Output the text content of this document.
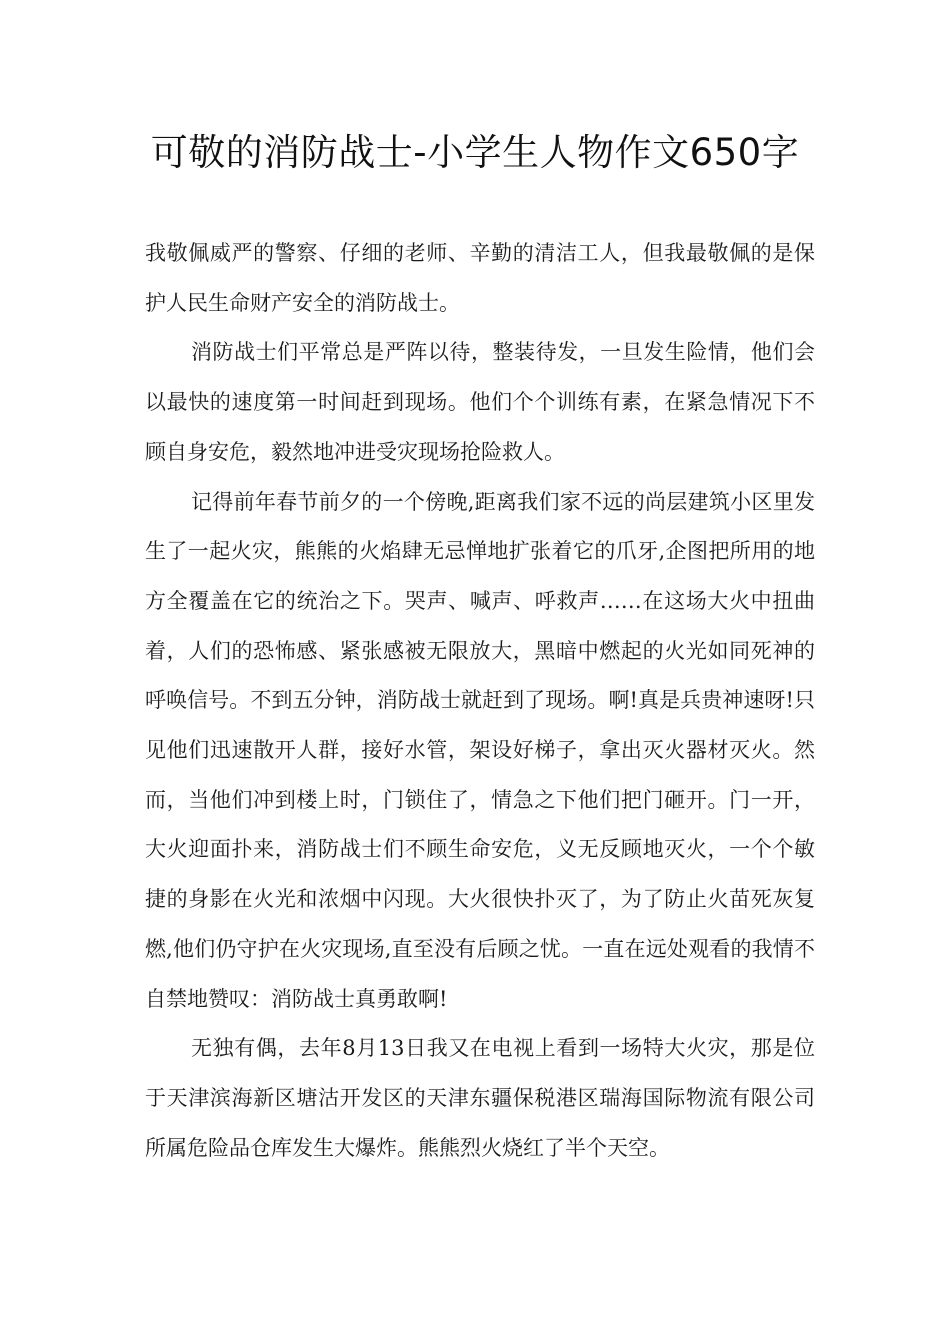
可敬的消防战士-小学生人物作文650字

我敬佩威严的警察、仔细的老师、辛勤的清洁工人，但我最敬佩的是保护人民生命财产安全的消防战士。

消防战士们平常总是严阵以待，整装待发，一旦发生险情，他们会以最快的速度第一时间赶到现场。他们个个训练有素，在紧急情况下不顾自身安危，毅然地冲进受灾现场抢险救人。

记得前年春节前夕的一个傍晚,距离我们家不远的尚层建筑小区里发生了一起火灾，熊熊的火焰肆无忌惮地扩张着它的爪牙,企图把所用的地方全覆盖在它的统治之下。哭声、喊声、呼救声……在这场大火中扭曲着，人们的恐怖感、紧张感被无限放大，黑暗中燃起的火光如同死神的呼唤信号。不到五分钟，消防战士就赶到了现场。啊!真是兵贵神速呀!只见他们迅速散开人群，接好水管，架设好梯子，拿出灭火器材灭火。然而，当他们冲到楼上时，门锁住了，情急之下他们把门砸开。门一开，大火迎面扑来，消防战士们不顾生命安危，义无反顾地灭火，一个个敏捷的身影在火光和浓烟中闪现。大火很快扑灭了，为了防止火苗死灰复燃,他们仍守护在火灾现场,直至没有后顾之忧。一直在远处观看的我情不自禁地赞叹：消防战士真勇敢啊!

无独有偶，去年8月13日我又在电视上看到一场特大火灾，那是位于天津滨海新区塘沽开发区的天津东疆保税港区瑞海国际物流有限公司所属危险品仓库发生大爆炸。熊熊烈火烧红了半个天空。
